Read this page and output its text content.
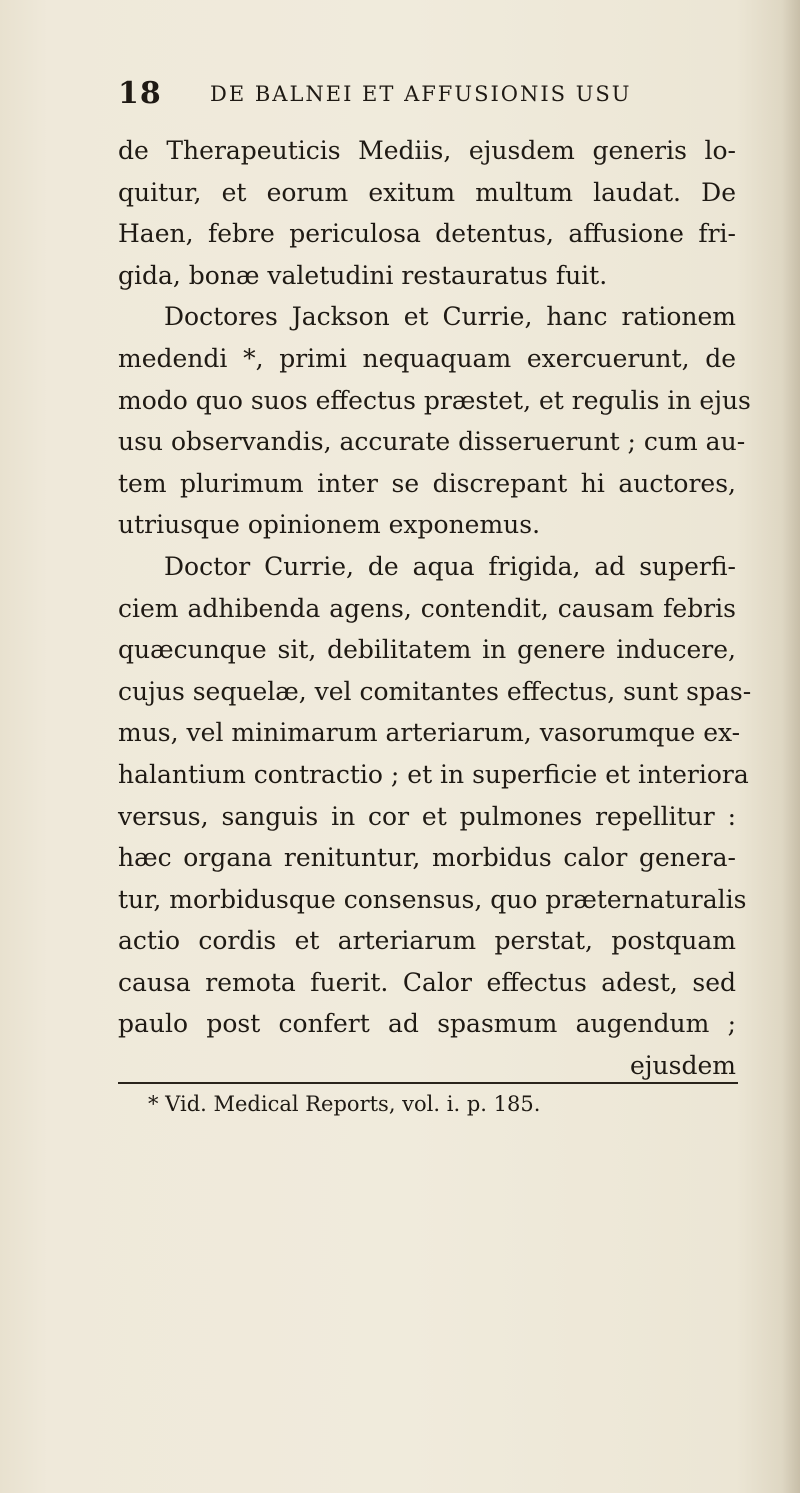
18 DE BALNEI ET AFFUSIONIS USU
de Therapeuticis Mediis, ejusdem generis lo-
quitur, et eorum exitum multum laudat. De
Haen, febre periculosa detentus, affusione fri-
gida, bonæ valetudini restauratus fuit.
Doctores Jackson et Currie, hanc rationem
medendi *, primi nequaquam exercuerunt, de
modo quo suos effectus præstet, et regulis in ejus
usu observandis, accurate disseruerunt ; cum au-
tem plurimum inter se discrepant hi auctores,
utriusque opinionem exponemus.
Doctor Currie, de aqua frigida, ad superfi-
ciem adhibenda agens, contendit, causam febris
quæcunque sit, debilitatem in genere inducere,
cujus sequelæ, vel comitantes effectus, sunt spas-
mus, vel minimarum arteriarum, vasorumque ex-
halantium contractio ; et in superficie et interiora
versus, sanguis in cor et pulmones repellitur :
hæc organa renituntur, morbidus calor genera-
tur, morbidusque consensus, quo præternaturalis
actio cordis et arteriarum perstat, postquam
causa remota fuerit. Calor effectus adest, sed
paulo post confert ad spasmum augendum ;
ejusdem
* Vid. Medical Reports, vol. i. p. 185.
